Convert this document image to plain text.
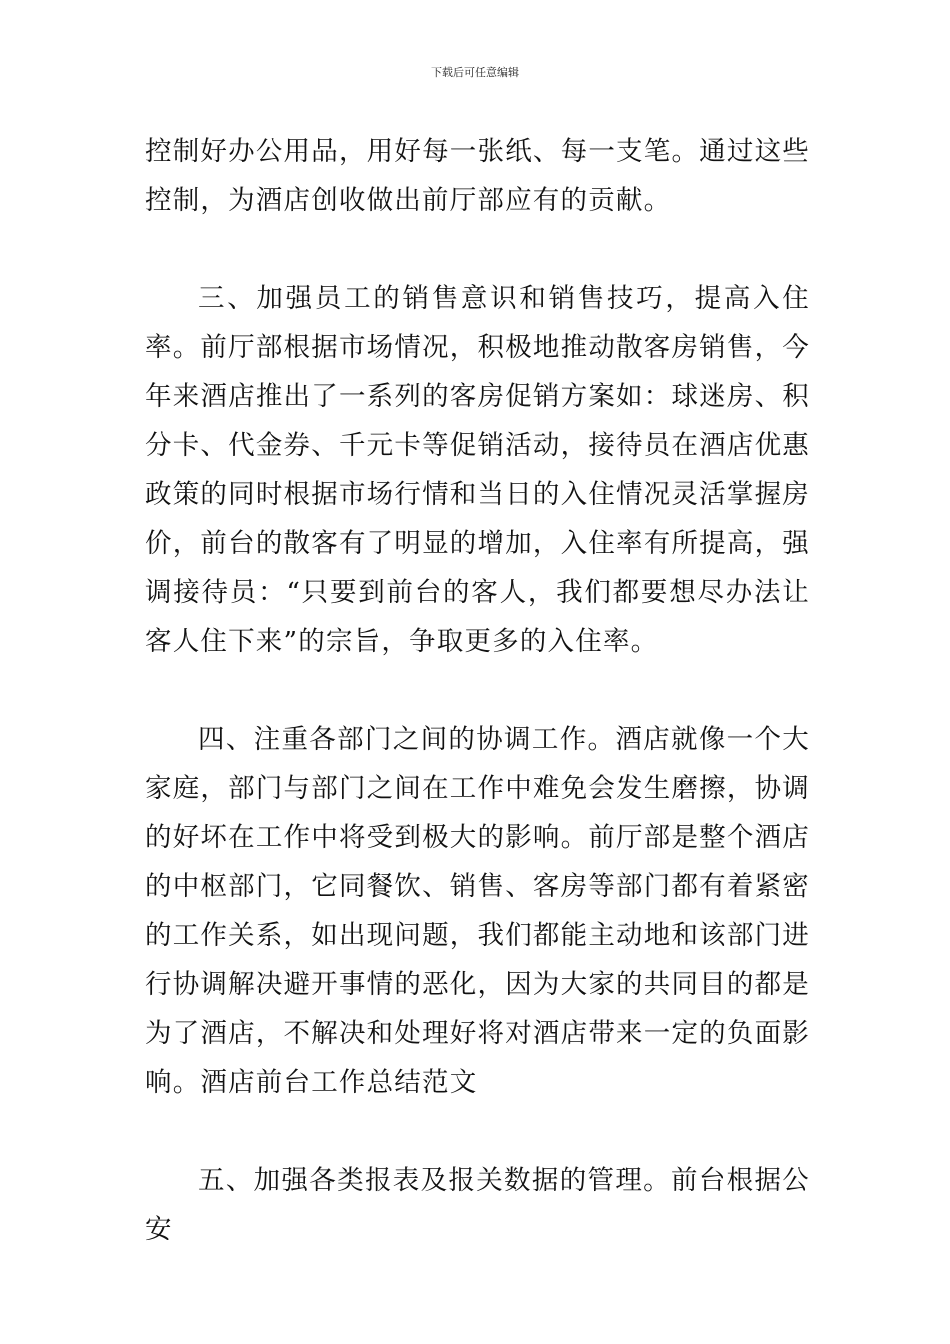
下载后可任意编辑

控制好办公用品，用好每一张纸、每一支笔。通过这些控制，为酒店创收做出前厅部应有的贡献。

三、加强员工的销售意识和销售技巧，提高入住率。前厅部根据市场情况，积极地推动散客房销售，今年来酒店推出了一系列的客房促销方案如：球迷房、积分卡、代金券、千元卡等促销活动，接待员在酒店优惠政策的同时根据市场行情和当日的入住情况灵活掌握房价，前台的散客有了明显的增加，入住率有所提高，强调接待员：“只要到前台的客人，我们都要想尽办法让客人住下来”的宗旨，争取更多的入住率。

四、注重各部门之间的协调工作。酒店就像一个大家庭，部门与部门之间在工作中难免会发生磨擦，协调的好坏在工作中将受到极大的影响。前厅部是整个酒店的中枢部门，它同餐饮、销售、客房等部门都有着紧密的工作关系，如出现问题，我们都能主动地和该部门进行协调解决避开事情的恶化，因为大家的共同目的都是为了酒店，不解决和处理好将对酒店带来一定的负面影响。酒店前台工作总结范文

五、加强各类报表及报关数据的管理。前台根据公安
